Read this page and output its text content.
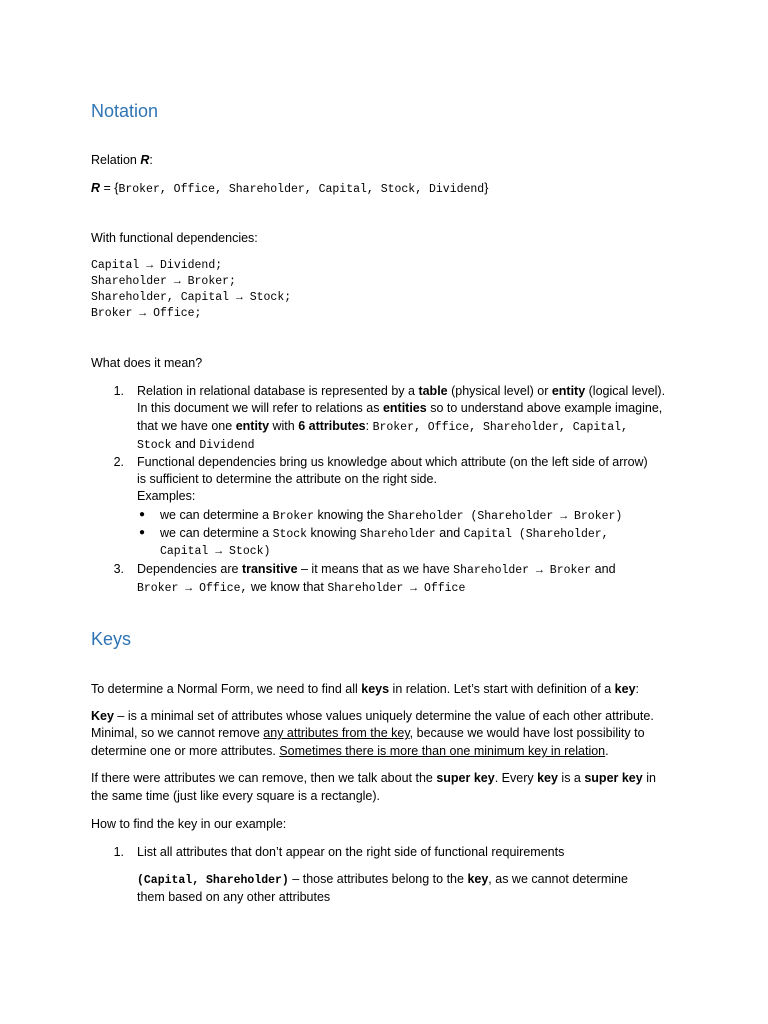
Notation
Relation R:
R = {Broker, Office, Shareholder, Capital, Stock, Dividend}
With functional dependencies:
Capital → Dividend;
Shareholder → Broker;
Shareholder, Capital → Stock;
Broker → Office;
What does it mean?
1. Relation in relational database is represented by a table (physical level) or entity (logical level).
In this document we will refer to relations as entities so to understand above example imagine,
that we have one entity with 6 attributes: Broker, Office, Shareholder, Capital,
Stock and Dividend
2. Functional dependencies bring us knowledge about which attribute (on the left side of arrow)
is sufficient to determine the attribute on the right side.
Examples:
● we can determine a Broker knowing the Shareholder (Shareholder → Broker)
● we can determine a Stock knowing Shareholder and Capital (Shareholder,
Capital → Stock)
3. Dependencies are transitive – it means that as we have Shareholder → Broker and
Broker → Office, we know that Shareholder → Office
Keys
To determine a Normal Form, we need to find all keys in relation. Let’s start with definition of a key:
Key – is a minimal set of attributes whose values uniquely determine the value of each other attribute.
Minimal, so we cannot remove any attributes from the key, because we would have lost possibility to
determine one or more attributes. Sometimes there is more than one minimum key in relation.
If there were attributes we can remove, then we talk about the super key. Every key is a super key in
the same time (just like every square is a rectangle).
How to find the key in our example:
1. List all attributes that don’t appear on the right side of functional requirements
(Capital, Shareholder) – those attributes belong to the key, as we cannot determine
them based on any other attributes
